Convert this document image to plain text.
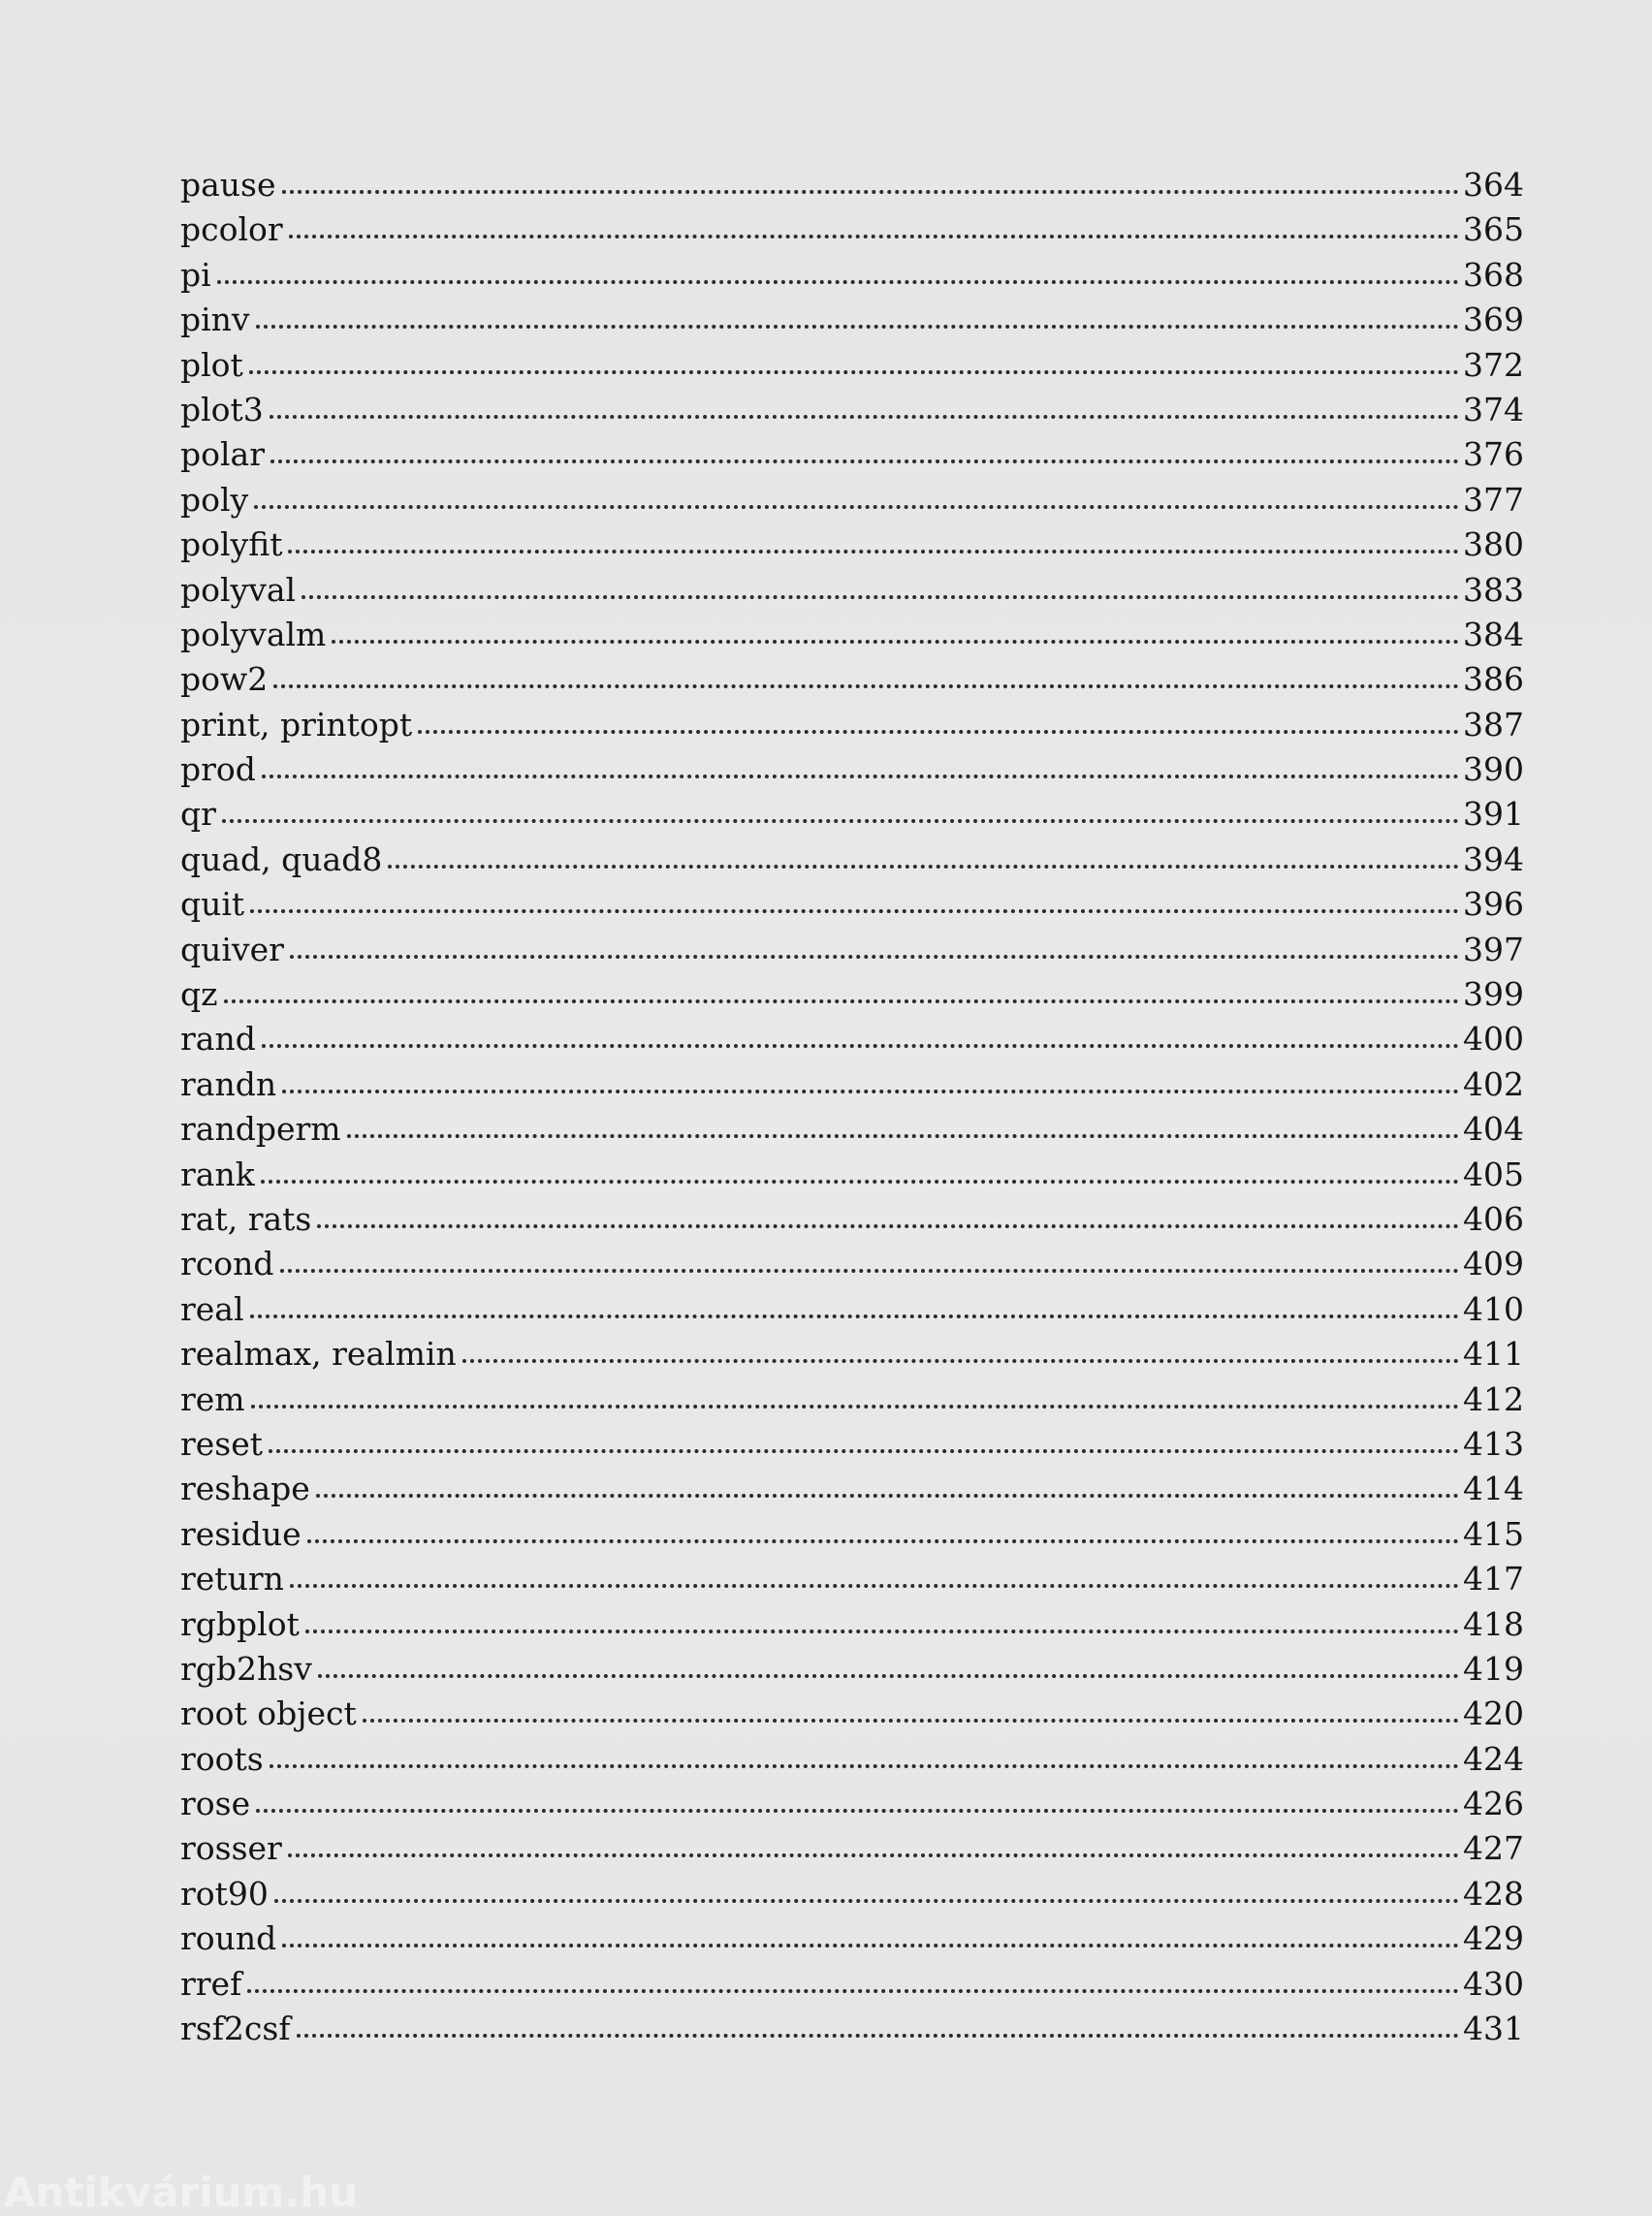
pause	364
pcolor	365
pi	368
pinv	369
plot	372
plot3	374
polar	376
poly	377
polyfit	380
polyval	383
polyvalm	384
pow2	386
print, printopt	387
prod	390
qr	391
quad, quad8	394
quit	396
quiver	397
qz	399
rand	400
randn	402
randperm	404
rank	405
rat, rats	406
rcond	409
real	410
realmax, realmin	411
rem	412
reset	413
reshape	414
residue	415
return	417
rgbplot	418
rgb2hsv	419
root object	420
roots	424
rose	426
rosser	427
rot90	428
round	429
rref	430
rsf2csf	431
Antikvárium.hu
